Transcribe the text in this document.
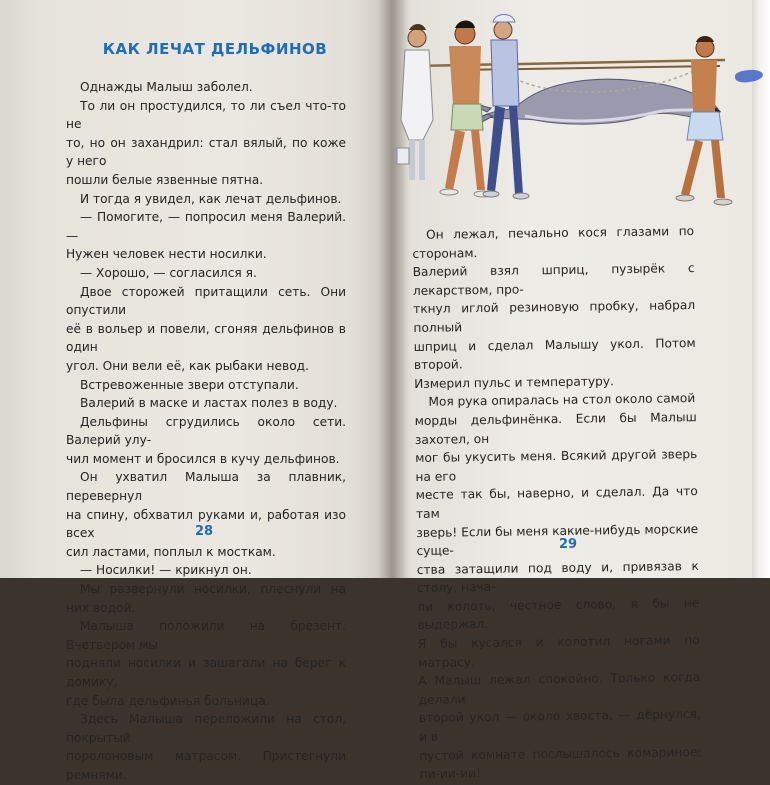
КАК ЛЕЧАТ ДЕЛЬФИНОВ

Однажды Малыш заболел.

То ли он простудился, то ли съел что-то не

то, но он захандрил: стал вялый, по коже у него

пошли белые язвенные пятна.

И тогда я увидел, как лечат дельфинов.

— Помогите, — попросил меня Валерий. —

Нужен человек нести носилки.

— Хорошо, — согласился я.

Двое сторожей притащили сеть. Они опустили

её в вольер и повели, сгоняя дельфинов в один

угол. Они вели её, как рыбаки невод.

Встревоженные звери отступали.

Валерий в маске и ластах полез в воду.

Дельфины сгрудились около сети. Валерий улу-

чил момент и бросился в кучу дельфинов.

Он ухватил Малыша за плавник, перевернул

на спину, обхватил руками и, работая изо всех

сил ластами, поплыл к мосткам.

— Носилки! — крикнул он.

Мы развернули носилки, плеснули на них водой.

Малыша положили на брезент. Вчетвером мы

подняли носилки и зашагали на берег к домику,

где была дельфинья больница.

Здесь Малыша переложили на стол, покрытый

поролоновым матрасом. Пристегнули ремнями.

28

Он лежал, печально кося глазами по сторонам.

Валерий взял шприц, пузырёк с лекарством, про-

ткнул иглой резиновую пробку, набрал полный

шприц и сделал Малышу укол. Потом второй.

Измерил пульс и температуру.

Моя рука опиралась на стол около самой

морды дельфинёнка. Если бы Малыш захотел, он

мог бы укусить меня. Всякий другой зверь на его

месте так бы, наверно, и сделал. Да что там

зверь! Если бы меня какие-нибудь морские суще-

ства затащили под воду и, привязав к столу, нача-

ли колоть, честное слово, я бы не выдержал.

Я бы кусался и колотил ногами по матрасу.

А Малыш лежал спокойно. Только когда делали

второй укол — около хвоста, — дёрнулся, и в

пустой комнате послышалось комариное: пи-ии-ии!

29
